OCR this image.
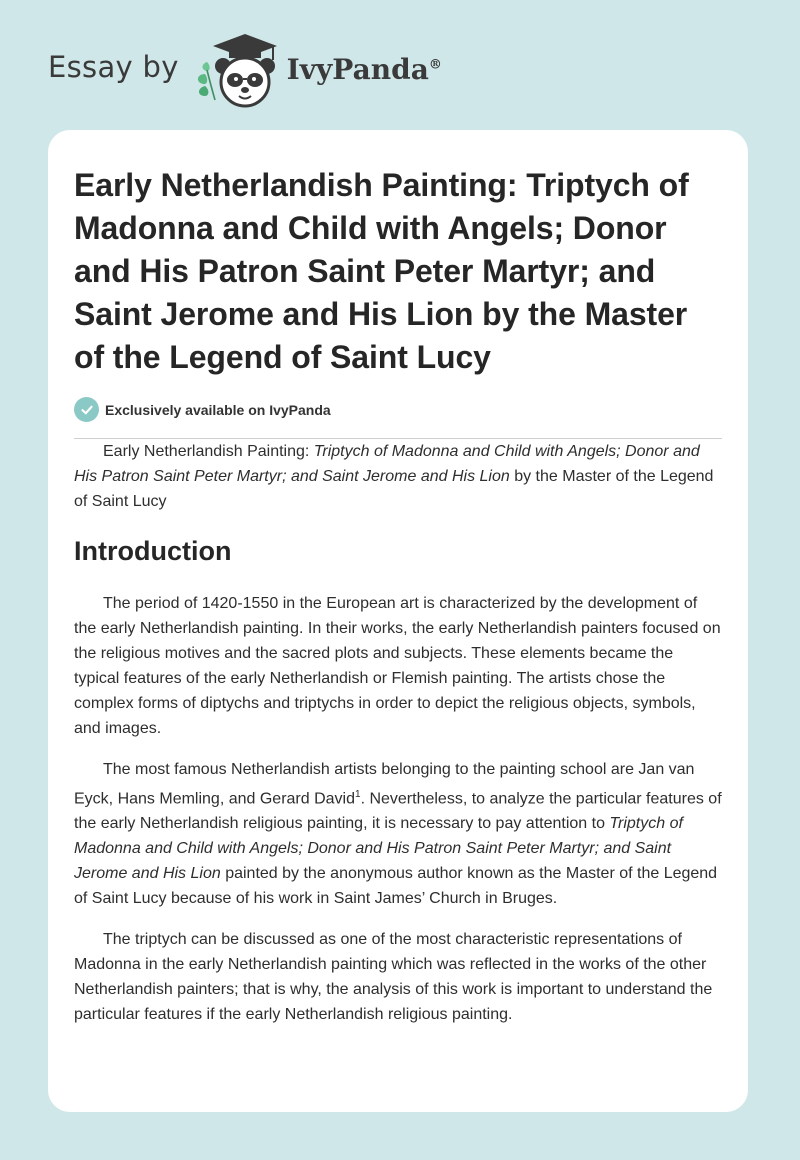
Essay by	IvyPanda®
Early Netherlandish Painting: Triptych of Madonna and Child with Angels; Donor and His Patron Saint Peter Martyr; and Saint Jerome and His Lion by the Master of the Legend of Saint Lucy
Exclusively available on IvyPanda

Early Netherlandish Painting: Triptych of Madonna and Child with Angels; Donor and His Patron Saint Peter Martyr; and Saint Jerome and His Lion by the Master of the Legend of Saint Lucy

Introduction

The period of 1420-1550 in the European art is characterized by the development of the early Netherlandish painting. In their works, the early Netherlandish painters focused on the religious motives and the sacred plots and subjects. These elements became the typical features of the early Netherlandish or Flemish painting. The artists chose the complex forms of diptychs and triptychs in order to depict the religious objects, symbols, and images.

The most famous Netherlandish artists belonging to the painting school are Jan van Eyck, Hans Memling, and Gerard David$^1$. Nevertheless, to analyze the particular features of the early Netherlandish religious painting, it is necessary to pay attention to Triptych of Madonna and Child with Angels; Donor and His Patron Saint Peter Martyr; and Saint Jerome and His Lion painted by the anonymous author known as the Master of the Legend of Saint Lucy because of his work in Saint James’ Church in Bruges.

The triptych can be discussed as one of the most characteristic representations of Madonna in the early Netherlandish painting which was reflected in the works of the other Netherlandish painters; that is why, the analysis of this work is important to understand the particular features if the early Netherlandish religious painting.
